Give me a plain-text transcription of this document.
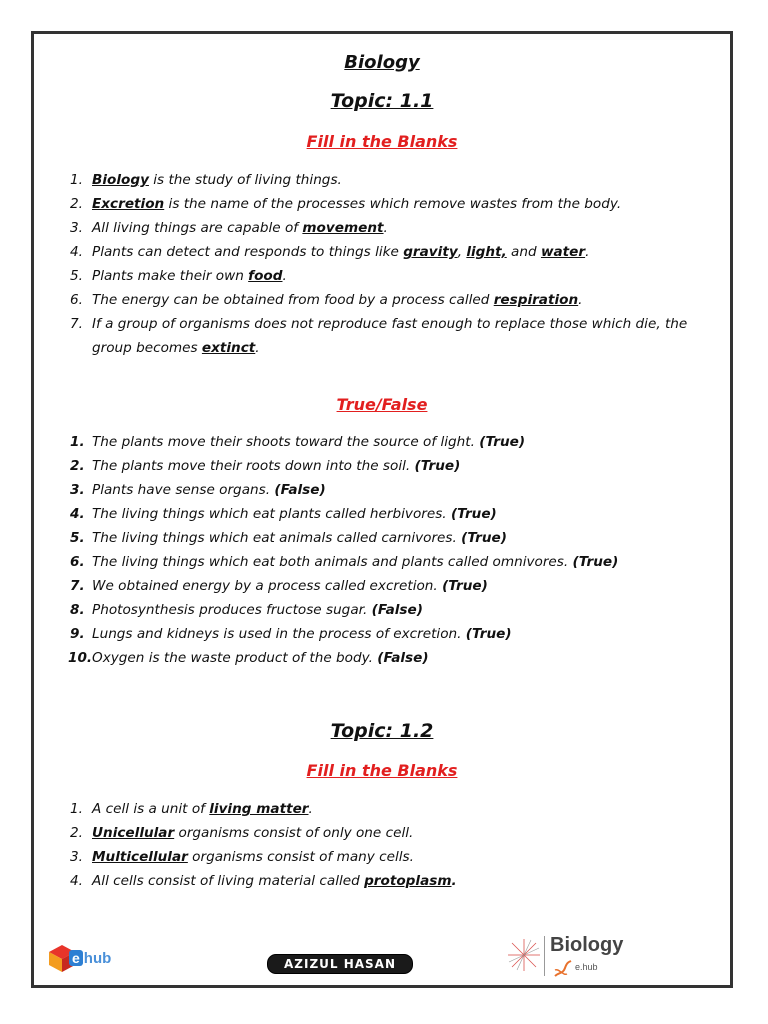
Biology
Topic: 1.1
Fill in the Blanks
1. Biology is the study of living things.
2. Excretion is the name of the processes which remove wastes from the body.
3. All living things are capable of movement.
4. Plants can detect and responds to things like gravity, light, and water.
5. Plants make their own food.
6. The energy can be obtained from food by a process called respiration.
7. If a group of organisms does not reproduce fast enough to replace those which die, the group becomes extinct.
True/False
1. The plants move their shoots toward the source of light. (True)
2. The plants move their roots down into the soil. (True)
3. Plants have sense organs. (False)
4. The living things which eat plants called herbivores. (True)
5. The living things which eat animals called carnivores. (True)
6. The living things which eat both animals and plants called omnivores. (True)
7. We obtained energy by a process called excretion. (True)
8. Photosynthesis produces fructose sugar. (False)
9. Lungs and kidneys is used in the process of excretion. (True)
10. Oxygen is the waste product of the body. (False)
Topic: 1.2
Fill in the Blanks
1. A cell is a unit of living matter.
2. Unicellular organisms consist of only one cell.
3. Multicellular organisms consist of many cells.
4. All cells consist of living material called protoplasm.
e hub	AZIZUL HASAN
Biology
e.hub
